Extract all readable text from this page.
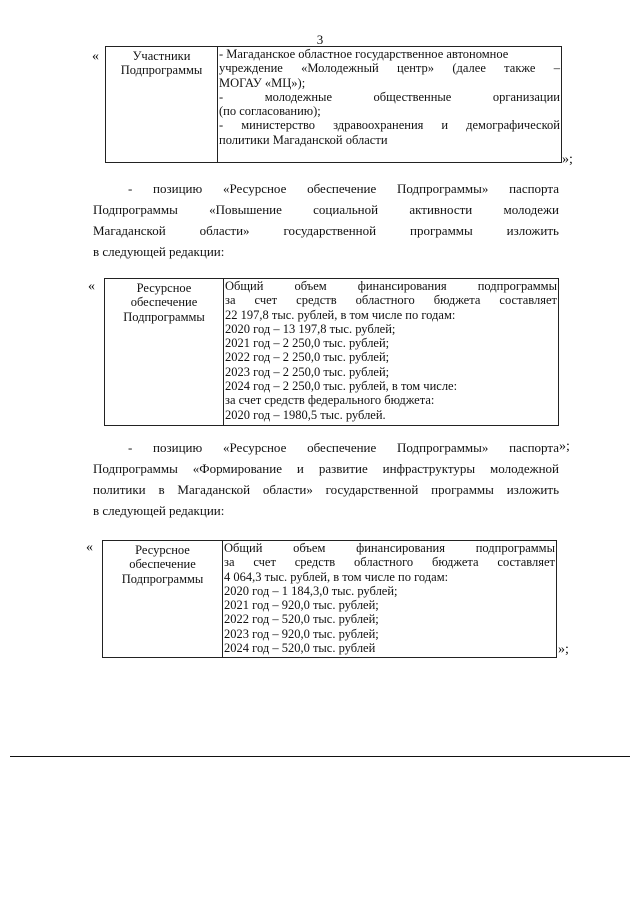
3
«	Участники Подпрограммы	
- Магаданское областное государственное автономное
учреждение «Молодежный центр» (далее также –
МОГАУ «МЦ»);
- молодежные общественные организации
(по согласованию);
- министерство здравоохранения и демографической
политики Магаданской области
»;
- позицию «Ресурсное обеспечение Подпрограммы» паспорта
Подпрограммы «Повышение социальной активности молодежи
Магаданской области» государственной программы изложить
в следующей редакции:
«	Ресурсное обеспечение Подпрограммы	
Общий объем финансирования подпрограммы
за счет средств областного бюджета составляет
22 197,8 тыс. рублей, в том числе по годам:
2020 год – 13 197,8 тыс. рублей;
2021 год – 2 250,0 тыс. рублей;
2022 год – 2 250,0 тыс. рублей;
2023 год – 2 250,0 тыс. рублей;
2024 год – 2 250,0 тыс. рублей, в том числе:
за счет средств федерального бюджета:
2020 год – 1980,5 тыс. рублей.
»;
- позицию «Ресурсное обеспечение Подпрограммы» паспорта
Подпрограммы «Формирование и развитие инфраструктуры молодежной
политики в Магаданской области» государственной программы изложить
в следующей редакции:
«	Ресурсное обеспечение Подпрограммы	
Общий объем финансирования подпрограммы
за счет средств областного бюджета составляет
4 064,3 тыс. рублей, в том числе по годам:
2020 год – 1 184,3,0 тыс. рублей;
2021 год – 920,0 тыс. рублей;
2022 год – 520,0 тыс. рублей;
2023 год – 920,0 тыс. рублей;
2024 год – 520,0 тыс. рублей	»;
